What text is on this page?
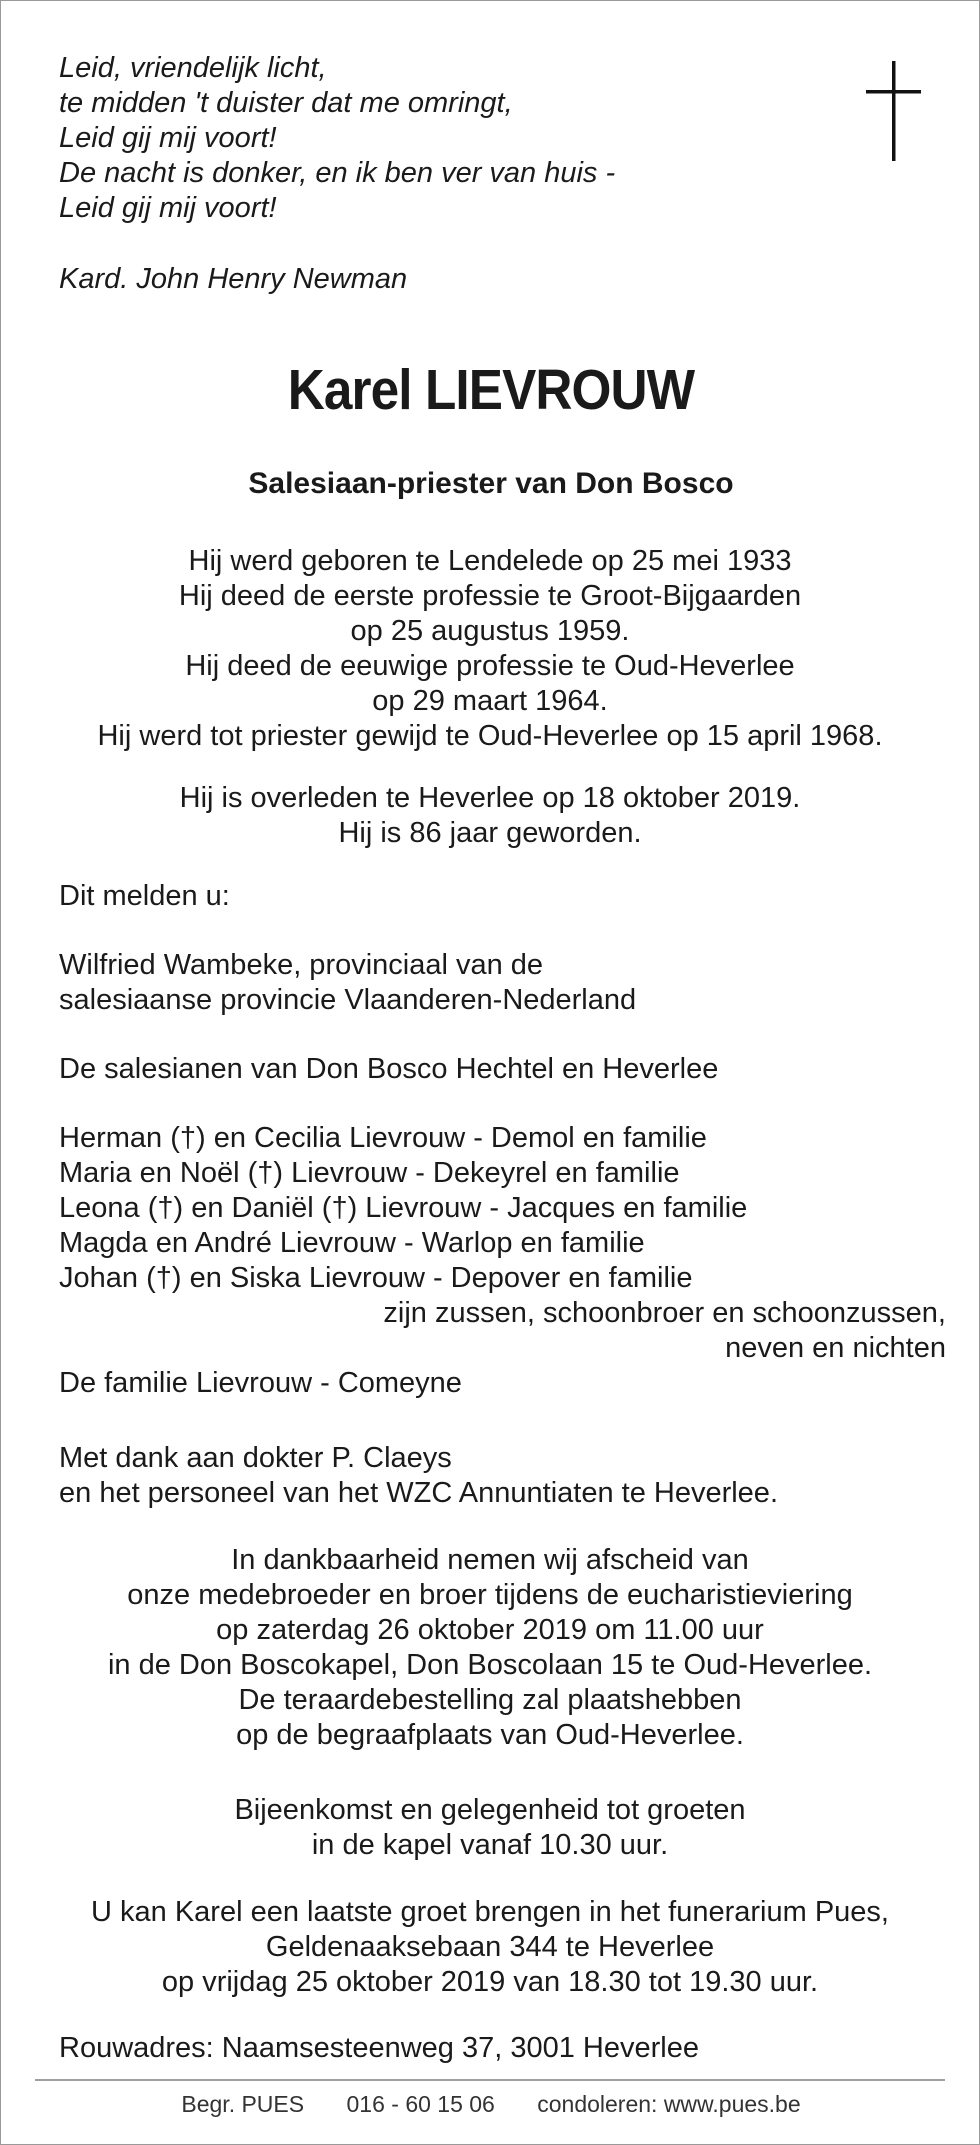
Leid, vriendelijk licht,
te midden 't duister dat me omringt,
Leid gij mij voort!
De nacht is donker, en ik ben ver van huis -
Leid gij mij voort!
Kard. John Henry Newman
Karel LIEVROUW
Salesiaan-priester van Don Bosco
Hij werd geboren te Lendelede op 25 mei 1933
Hij deed de eerste professie te Groot-Bijgaarden
op 25 augustus 1959.
Hij deed de eeuwige professie te Oud-Heverlee
op 29 maart 1964.
Hij werd tot priester gewijd te Oud-Heverlee op 15 april 1968.
Hij is overleden te Heverlee op 18 oktober 2019.
Hij is 86 jaar geworden.
Dit melden u:
Wilfried Wambeke, provinciaal van de
salesiaanse provincie Vlaanderen-Nederland
De salesianen van Don Bosco Hechtel en Heverlee
Herman (†) en Cecilia Lievrouw - Demol en familie
Maria en Noël (†) Lievrouw - Dekeyrel en familie
Leona (†) en Daniël (†) Lievrouw - Jacques en familie
Magda en André Lievrouw - Warlop en familie
Johan (†) en Siska Lievrouw - Depover en familie
zijn zussen, schoonbroer en schoonzussen,
neven en nichten
De familie Lievrouw - Comeyne
Met dank aan dokter P. Claeys
en het personeel van het WZC Annuntiaten te Heverlee.
In dankbaarheid nemen wij afscheid van
onze medebroeder en broer tijdens de eucharistieviering
op zaterdag 26 oktober 2019 om 11.00 uur
in de Don Boscokapel, Don Boscolaan 15 te Oud-Heverlee.
De teraardebestelling zal plaatshebben
op de begraafplaats van Oud-Heverlee.
Bijeenkomst en gelegenheid tot groeten
in de kapel vanaf 10.30 uur.
U kan Karel een laatste groet brengen in het funerarium Pues,
Geldenaaksebaan 344 te Heverlee
op vrijdag 25 oktober 2019 van 18.30 tot 19.30 uur.
Rouwadres: Naamsesteenweg 37, 3001 Heverlee
Begr. PUES 016 - 60 15 06 condoleren: www.pues.be
